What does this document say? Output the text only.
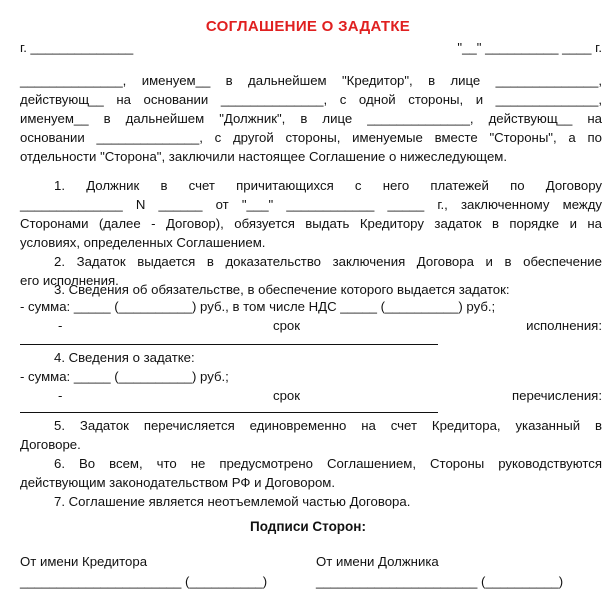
СОГЛАШЕНИЕ О ЗАДАТКЕ
г. ______________	"__" __________ ____ г.
______________, именуем__ в дальнейшем "Кредитор", в лице ______________,
действующ__ на основании ______________, с одной стороны, и ______________,
именуем__ в дальнейшем "Должник", в лице ______________, действующ__ на
основании ______________, с другой стороны, именуемые вместе "Стороны", а по
отдельности "Сторона", заключили настоящее Соглашение о нижеследующем.
1. Должник в счет причитающихся с него платежей по Договору
______________ N ______ от "___" ____________ _____ г., заключенному между
Сторонами (далее - Договор), обязуется выдать Кредитору задаток в порядке и на
условиях, определенных Соглашением.
2. Задаток выдается в доказательство заключения Договора и в обеспечение
его исполнения.
3. Сведения об обязательстве, в обеспечение которого выдается задаток:
- сумма: _____ (__________) руб., в том числе НДС _____ (__________) руб.;
-	срок	исполнения:
4. Сведения о задатке:
- сумма: _____ (__________) руб.;
-	срок	перечисления:
5. Задаток перечисляется единовременно на счет Кредитора, указанный в
Договоре.
6. Во всем, что не предусмотрено Соглашением, Стороны руководствуются
действующим законодательством РФ и Договором.
7. Соглашение является неотъемлемой частью Договора.
Подписи Сторон:
От имени Кредитора	От имени Должника
______________________ (__________)	______________________ (__________)
